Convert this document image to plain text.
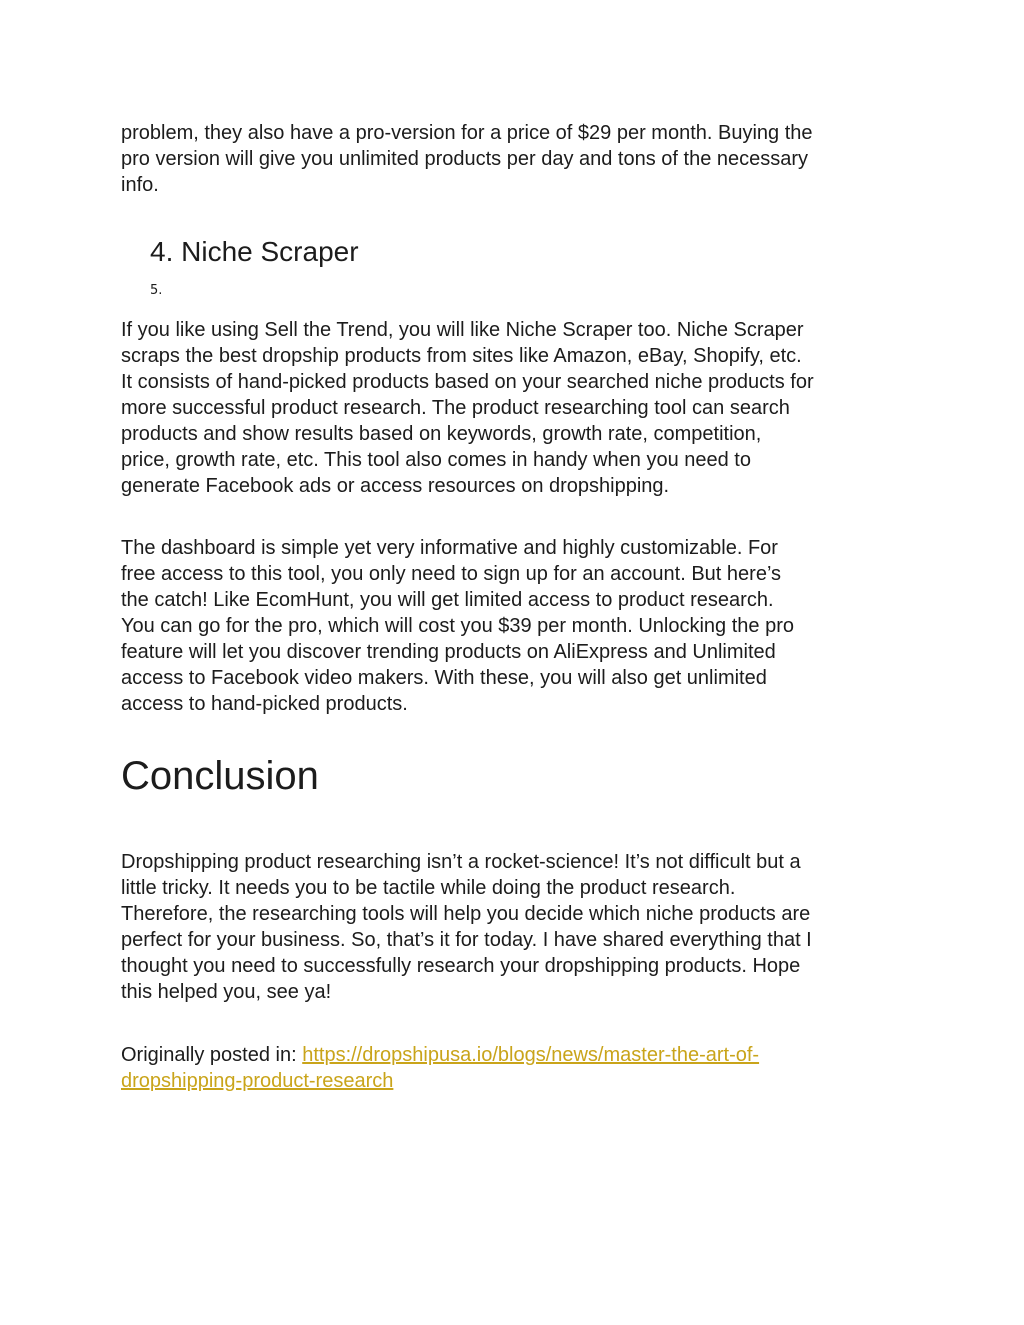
problem, they also have a pro-version for a price of $29 per month. Buying the
pro version will give you unlimited products per day and tons of the necessary
info.

4. Niche Scraper
5.

If you like using Sell the Trend, you will like Niche Scraper too. Niche Scraper
scraps the best dropship products from sites like Amazon, eBay, Shopify, etc.
It consists of hand-picked products based on your searched niche products for
more successful product research. The product researching tool can search
products and show results based on keywords, growth rate, competition,
price, growth rate, etc. This tool also comes in handy when you need to
generate Facebook ads or access resources on dropshipping.

The dashboard is simple yet very informative and highly customizable. For
free access to this tool, you only need to sign up for an account. But here’s
the catch! Like EcomHunt, you will get limited access to product research.
You can go for the pro, which will cost you $39 per month. Unlocking the pro
feature will let you discover trending products on AliExpress and Unlimited
access to Facebook video makers. With these, you will also get unlimited
access to hand-picked products.

Conclusion

Dropshipping product researching isn’t a rocket-science! It’s not difficult but a
little tricky. It needs you to be tactile while doing the product research.
Therefore, the researching tools will help you decide which niche products are
perfect for your business. So, that’s it for today. I have shared everything that I
thought you need to successfully research your dropshipping products. Hope
this helped you, see ya!

Originally posted in: https://dropshipusa.io/blogs/news/master-the-art-of-
dropshipping-product-research
